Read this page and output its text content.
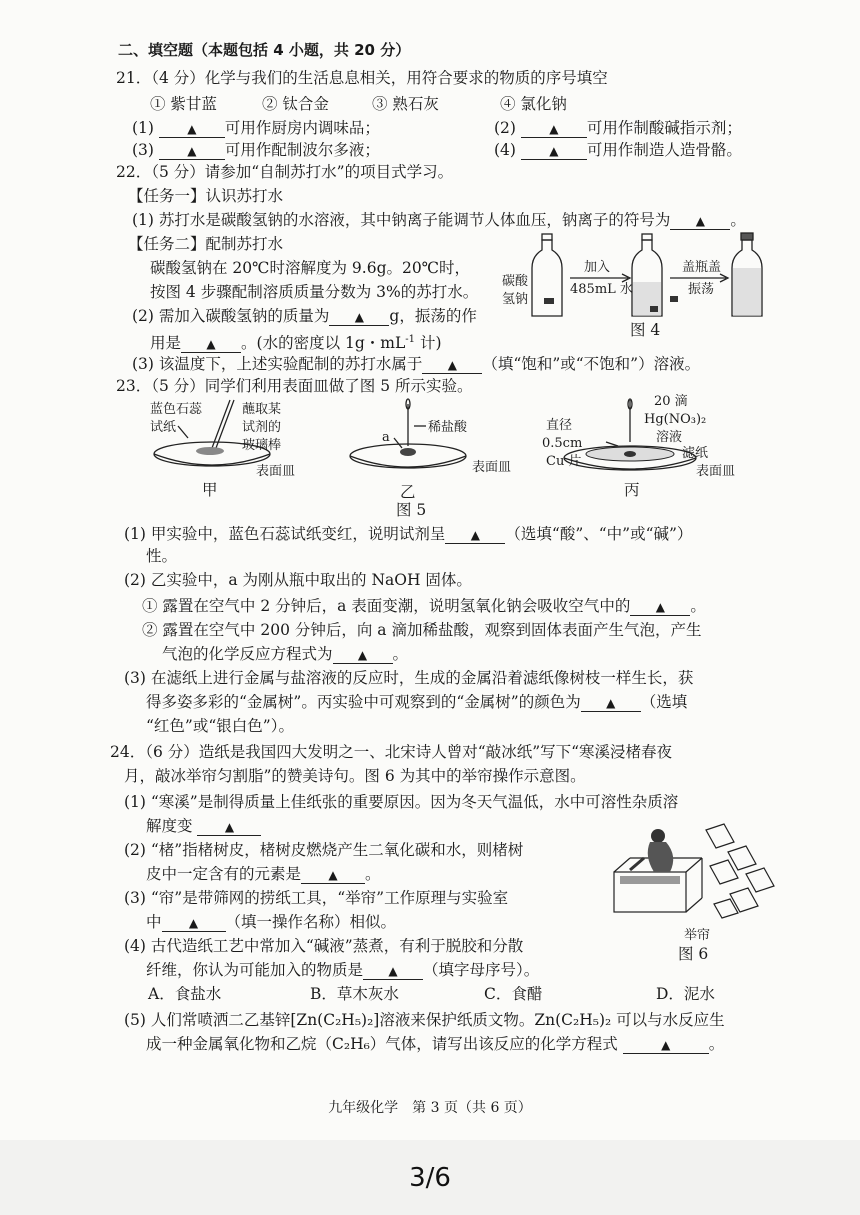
二、填空题（本题包括 4 小题，共 20 分）
21．（4 分）化学与我们的生活息息相关，用符合要求的物质的序号填空
① 紫甘蓝	② 钛合金	③ 熟石灰	④ 氯化钠
(1)	▲ 可用作厨房内调味品；	(2)	▲ 可用作制酸碱指示剂；
(3)	▲ 可用作配制波尔多液；	(4)	▲ 可用作制造人造骨骼。
22．（5 分）请参加“自制苏打水”的项目式学习。
【任务一】认识苏打水
(1) 苏打水是碳酸氢钠的水溶液，其中钠离子能调节人体血压，钠离子的符号为 ▲ 。
【任务二】配制苏打水
碳酸氢钠在 20℃时溶解度为 9.6g。20℃时，
按图 4 步骤配制溶质质量分数为 3%的苏打水。
(2) 需加入碳酸氢钠的质量为 ▲ g，振荡的作
用是 ▲ 。(水的密度以 1g・$mL^{-1}$ 计)
(3) 该温度下，上述实验配制的苏打水属于 ▲ （填“饱和”或“不饱和”）溶液。
碳酸
氢钠
加入
485mL 水
盖瓶盖
振荡
图 4
23．（5 分）同学们利用表面皿做了图 5 所示实验。
蓝色石蕊
试纸
蘸取某
试剂的
玻璃棒
表面皿
甲
a
稀盐酸
表面皿
乙
直径
0.5cm
Cu 片
20 滴
Hg(NO₃)₂
溶液
滤纸
表面皿
丙
图 5
(1) 甲实验中，蓝色石蕊试纸变红，说明试剂呈 ▲ （选填“酸”、“中”或“碱”）
性。
(2) 乙实验中，a 为刚从瓶中取出的 NaOH 固体。
① 露置在空气中 2 分钟后，a 表面变潮，说明氢氧化钠会吸收空气中的 ▲ 。
② 露置在空气中 200 分钟后，向 a 滴加稀盐酸，观察到固体表面产生气泡，产生
气泡的化学反应方程式为 ▲ 。
(3) 在滤纸上进行金属与盐溶液的反应时，生成的金属沿着滤纸像树枝一样生长，获
得多姿多彩的“金属树”。丙实验中可观察到的“金属树”的颜色为 ▲ （选填
“红色”或“银白色”）。
24．（6 分）造纸是我国四大发明之一、北宋诗人曾对“敲冰纸”写下“寒溪浸楮春夜
月，敲冰举帘匀割脂”的赞美诗句。图 6 为其中的举帘操作示意图。
(1) “寒溪”是制得质量上佳纸张的重要原因。因为冬天气温低，水中可溶性杂质溶
解度变	▲
(2) “楮”指楮树皮，楮树皮燃烧产生二氧化碳和水，则楮树
皮中一定含有的元素是 ▲ 。
(3) “帘”是带筛网的捞纸工具，“举帘”工作原理与实验室
中 ▲ （填一操作名称）相似。
(4) 古代造纸工艺中常加入“碱液”蒸煮，有利于脱胶和分散
纤维，你认为可能加入的物质是 ▲ （填字母序号）。
A．食盐水	B．草木灰水	C．食醋	D．泥水
(5) 人们常喷洒二乙基锌[Zn(C₂H₅)₂]溶液来保护纸质文物。Zn(C₂H₅)₂ 可以与水反应生
成一种金属氧化物和乙烷（C₂H₆）气体，请写出该反应的化学方程式	▲ 。
举帘
图 6
九年级化学　第 3 页（共 6 页）
3/6
